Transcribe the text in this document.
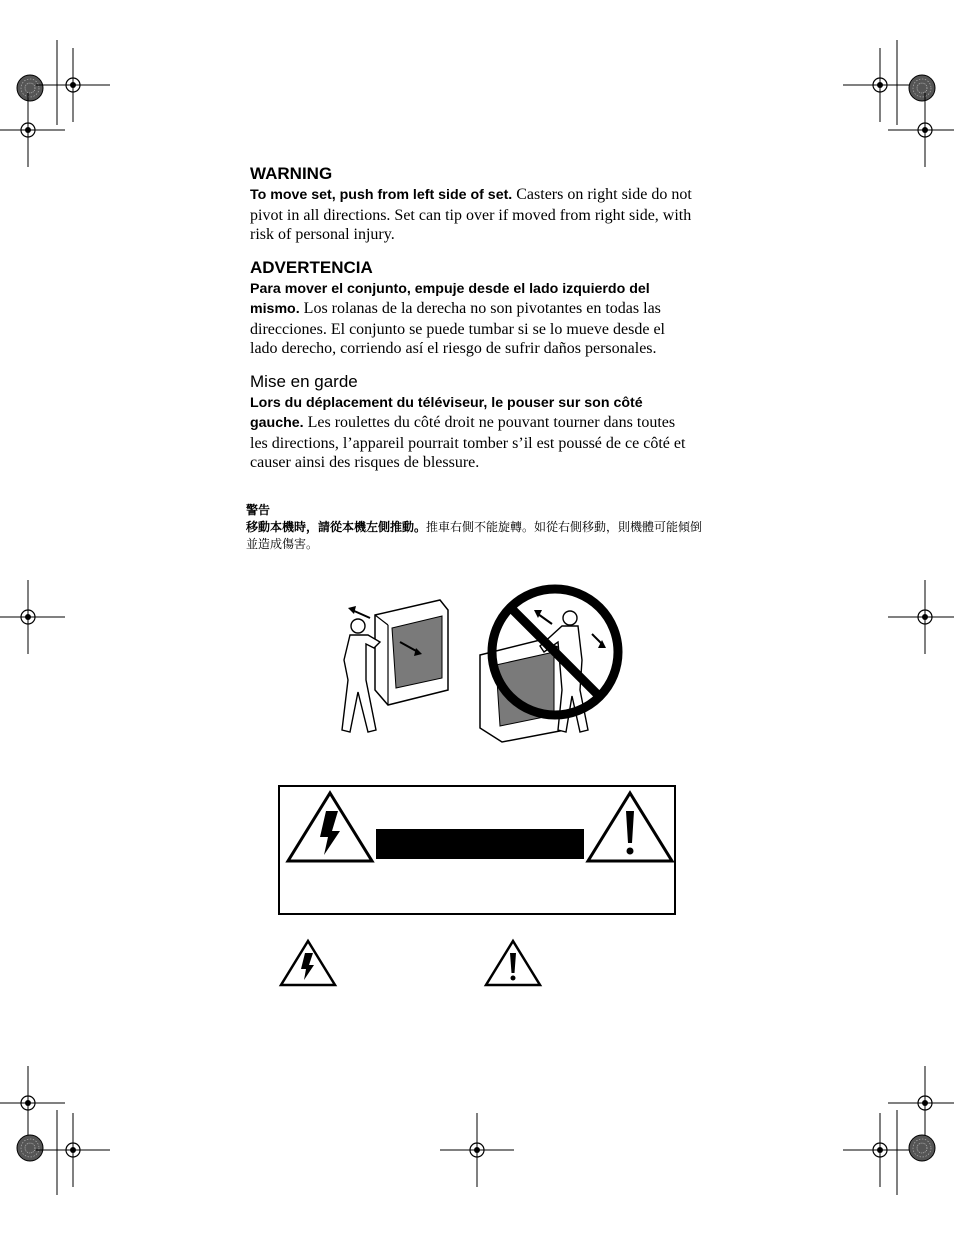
WARNING

To move set, push from left side of set. Casters on right side do not pivot in all directions. Set can tip over if moved from right side, with risk of personal injury.

ADVERTENCIA

Para mover el conjunto, empuje desde el lado izquierdo del mismo. Los rolanas de la derecha no son pivotantes en todas las direcciones. El conjunto se puede tumbar si se lo mueve desde el lado derecho, corriendo así el riesgo de sufrir daños personales.

Mise en garde

Lors du déplacement du téléviseur, le pouser sur son côté gauche. Les roulettes du côté droit ne pouvant tourner dans toutes les directions, l’appareil pourrait tomber s’il est poussé de ce côté et causer ainsi des risques de blessure.

警告
移動本機時，請從本機左側推動。推車右側不能旋轉。如從右側移動，則機體可能傾倒並造成傷害。
